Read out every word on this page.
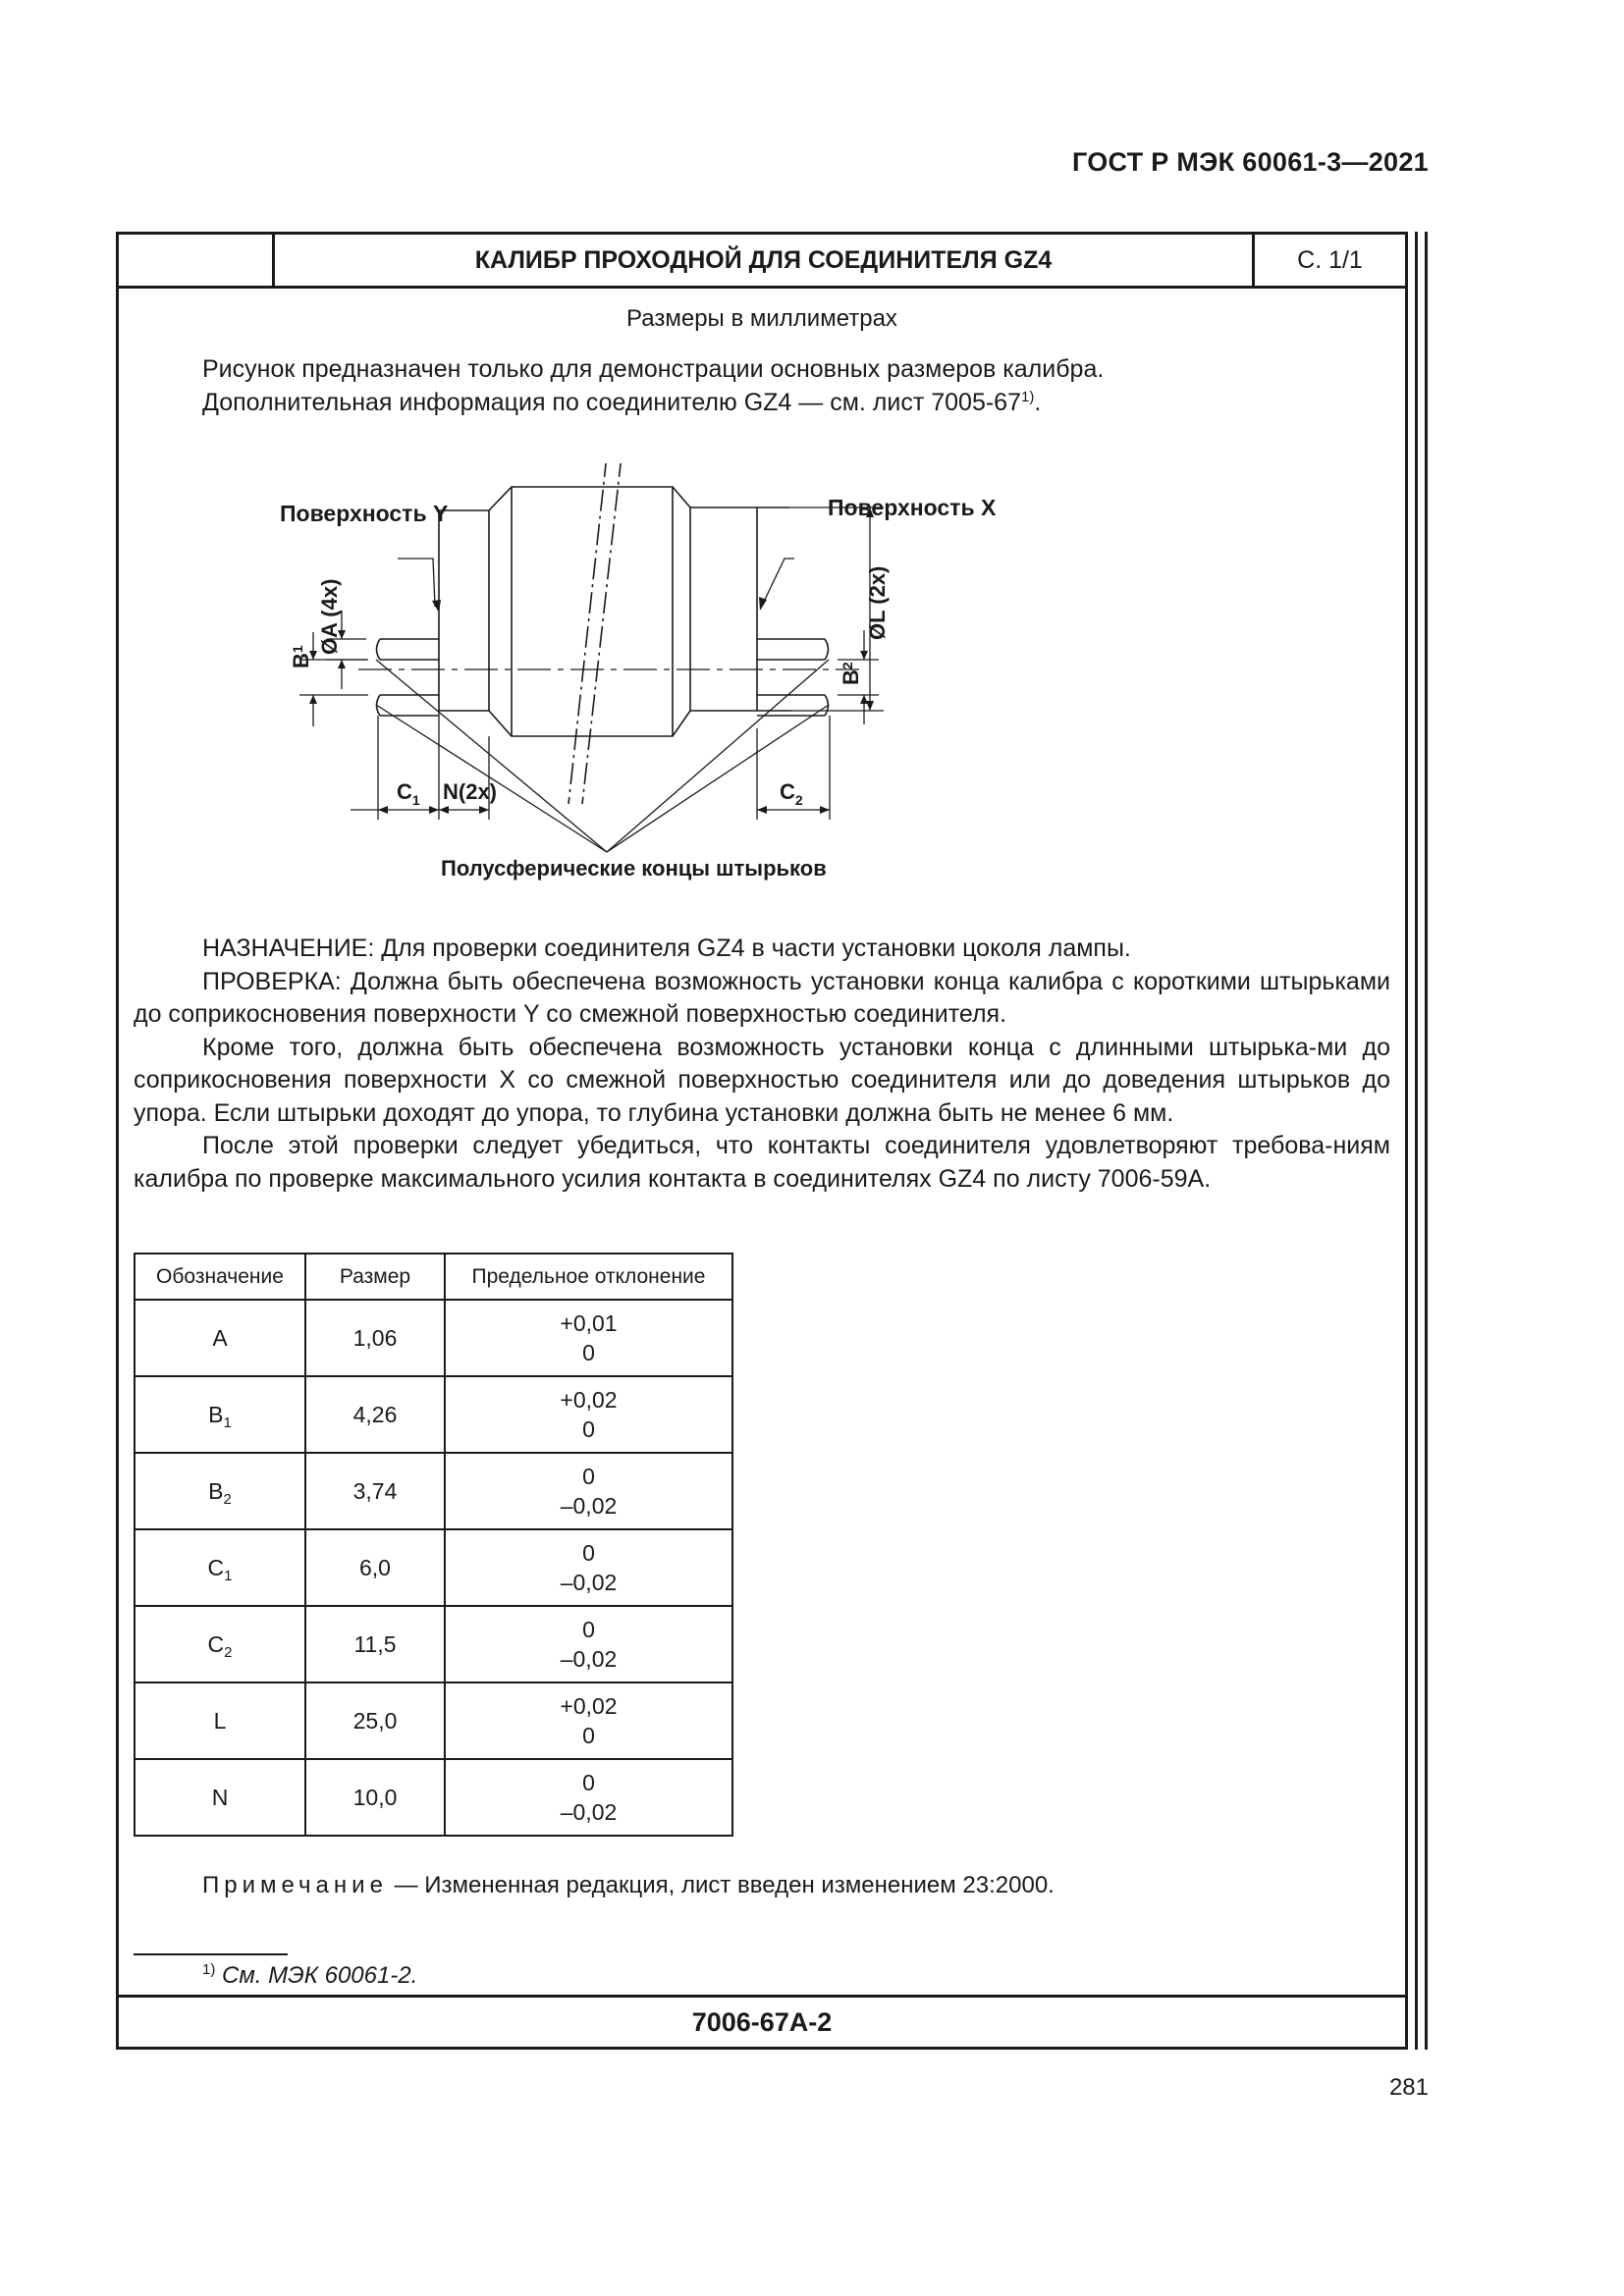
ГОСТ Р МЭК 60061-3—2021
КАЛИБР ПРОХОДНОЙ ДЛЯ СОЕДИНИТЕЛЯ GZ4	С. 1/1
Размеры в миллиметрах

Рисунок предназначен только для демонстрации основных размеров калибра.

Дополнительная информация по соединителю GZ4 — см. лист 7005-67$^{1)}$.

Поверхность Y	Поверхность X
ØA (4x)
$B^1$
$B^2$
ØL (2x)
$C_1$ N(2x)	$C_2$
Полусферические концы штырьков

НАЗНАЧЕНИЕ: Для проверки соединителя GZ4 в части установки цоколя лампы.

ПРОВЕРКА: Должна быть обеспечена возможность установки конца калибра с короткими штырьками до соприкосновения поверхности Y со смежной поверхностью соединителя.

Кроме того, должна быть обеспечена возможность установки конца с длинными штырька-ми до соприкосновения поверхности X со смежной поверхностью соединителя или до доведения штырьков до упора. Если штырьки доходят до упора, то глубина установки должна быть не менее 6 мм.

После этой проверки следует убедиться, что контакты соединителя удовлетворяют требова-ниям калибра по проверке максимального усилия контакта в соединителях GZ4 по листу 7006-59A.

Обозначение	Размер	Предельное отклонение
A	1,06	+0,01
0

$B_1$	4,26	+0,02
0

$B_2$	3,74	0
–0,02

$C_1$	6,0	0
–0,02

$C_2$	11,5	0
–0,02

L	25,0	+0,02
0

N	10,0	0
–0,02
Примечание — Измененная редакция, лист введен изменением 23:2000.
$^{1)}$ См. МЭК 60061-2.
7006-67A-2
281
